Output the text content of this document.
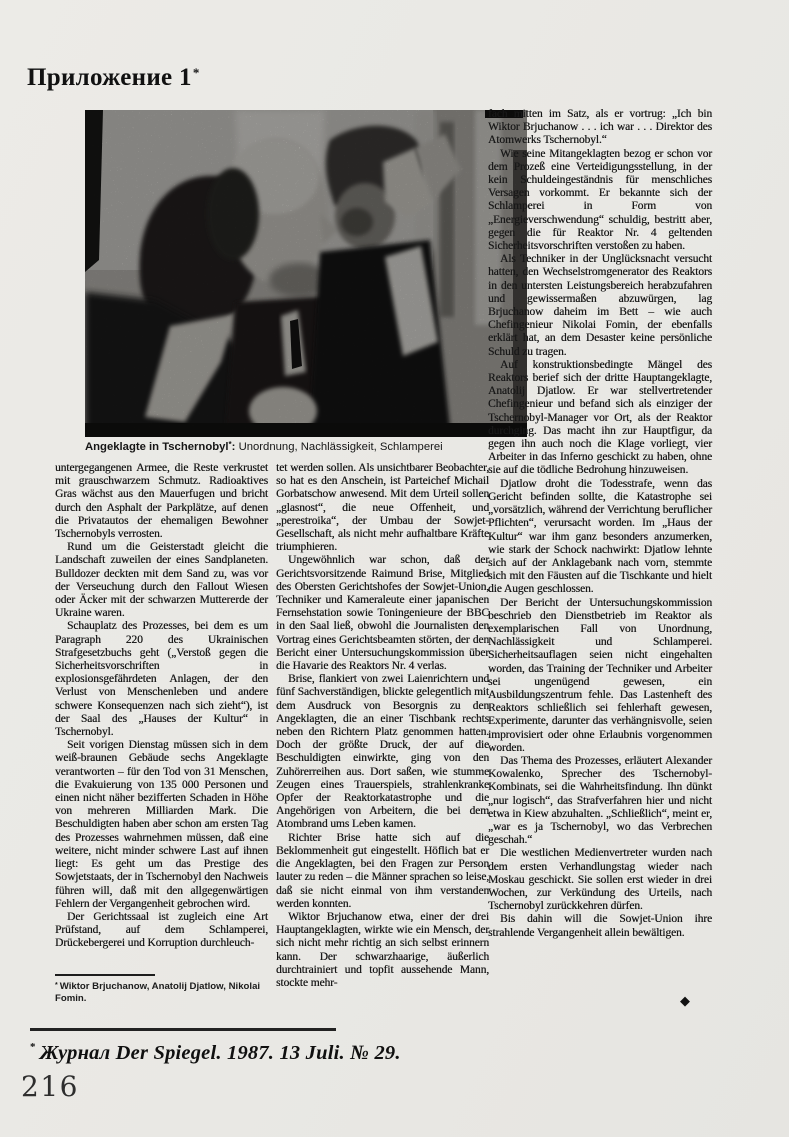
Приложение 1*
Angeklagte in Tschernobyl*: Unordnung, Nachlässigkeit, Schlamperei

untergegangenen Armee, die Reste verkrustet mit grauschwarzem Schmutz. Radioaktives Gras wächst aus den Mauerfugen und bricht durch den Asphalt der Parkplätze, auf denen die Privatautos der ehemaligen Bewohner Tschernobyls verrosten.

Rund um die Geisterstadt gleicht die Landschaft zuweilen der eines Sandplaneten. Bulldozer deckten mit dem Sand zu, was vor der Verseuchung durch den Fallout Wiesen oder Äcker mit der schwarzen Muttererde der Ukraine waren.

Schauplatz des Prozesses, bei dem es um Paragraph 220 des Ukrainischen Strafgesetzbuchs geht („Verstoß gegen die Sicherheitsvorschriften in explosionsgefährdeten Anlagen, der den Verlust von Menschenleben und andere schwere Konsequenzen nach sich zieht“), ist der Saal des „Hauses der Kultur“ in Tschernobyl.

Seit vorigen Dienstag müssen sich in dem weiß-braunen Gebäude sechs Angeklagte verantworten – für den Tod von 31 Menschen, die Evakuierung von 135 000 Personen und einen nicht näher bezifferten Schaden in Höhe von mehreren Milliarden Mark. Die Beschuldigten haben aber schon am ersten Tag des Prozesses wahrnehmen müssen, daß eine weitere, nicht minder schwere Last auf ihnen liegt: Es geht um das Prestige des Sowjetstaats, der in Tschernobyl den Nachweis führen will, daß mit den allgegenwärtigen Fehlern der Vergangenheit gebrochen wird.

Der Gerichtssaal ist zugleich eine Art Prüfstand, auf dem Schlamperei, Drückebergerei und Korruption durchleuch-

tet werden sollen. Als unsichtbarer Beobachter, so hat es den Anschein, ist Parteichef Michail Gorbatschow anwesend. Mit dem Urteil sollen „glasnost“, die neue Offenheit, und „perestroika“, der Umbau der Sowjet-Gesellschaft, als nicht mehr aufhaltbare Kräfte triumphieren.

Ungewöhnlich war schon, daß der Gerichtsvorsitzende Raimund Brise, Mitglied des Obersten Gerichtshofes der Sowjet-Union, Techniker und Kameraleute einer japanischen Fernsehstation sowie Toningenieure der BBC in den Saal ließ, obwohl die Journalisten den Vortrag eines Gerichtsbeamten störten, der den Bericht einer Untersuchungskommission über die Havarie des Reaktors Nr. 4 verlas.

Brise, flankiert von zwei Laienrichtern und fünf Sachverständigen, blickte gelegentlich mit dem Ausdruck von Besorgnis zu den Angeklagten, die an einer Tischbank rechts neben den Richtern Platz genommen hatten. Doch der größte Druck, der auf die Beschuldigten einwirkte, ging von den Zuhörerreihen aus. Dort saßen, wie stumme Zeugen eines Trauerspiels, strahlenkranke Opfer der Reaktorkatastrophe und die Angehörigen von Arbeitern, die bei dem Atombrand ums Leben kamen.

Richter Brise hatte sich auf die Beklommenheit gut eingestellt. Höflich bat er die Angeklagten, bei den Fragen zur Person lauter zu reden – die Männer sprachen so leise, daß sie nicht einmal von ihm verstanden werden konnten.

Wiktor Brjuchanow etwa, einer der drei Hauptangeklagten, wirkte wie ein Mensch, der sich nicht mehr richtig an sich selbst erinnern kann. Der schwarzhaarige, äußerlich durchtrainiert und topfit aussehende Mann, stockte mehr-

fach mitten im Satz, als er vortrug: „Ich bin Wiktor Brjuchanow . . . ich war . . . Direktor des Atomwerks Tschernobyl.“

Wie seine Mitangeklagten bezog er schon vor dem Prozeß eine Verteidigungsstellung, in der kein Schuldeingeständnis für menschliches Versagen vorkommt. Er bekannte sich der Schlamperei in Form von „Energieverschwendung“ schuldig, bestritt aber, gegen die für Reaktor Nr. 4 geltenden Sicherheitsvorschriften verstoßen zu haben.

Als Techniker in der Unglücksnacht versucht hatten, den Wechselstromgenerator des Reaktors in den untersten Leistungsbereich herabzufahren und gewissermaßen abzuwürgen, lag Brjuchanow daheim im Bett – wie auch Chefingenieur Nikolai Fomin, der ebenfalls erklärt hat, an dem Desaster keine persönliche Schuld zu tragen.

Auf konstruktionsbedingte Mängel des Reaktors berief sich der dritte Hauptangeklagte, Anatolij Djatlow. Er war stellvertretender Chefingenieur und befand sich als einziger der Tschernobyl-Manager vor Ort, als der Reaktor durchging. Das macht ihn zur Hauptfigur, da gegen ihn auch noch die Klage vorliegt, vier Arbeiter in das Inferno geschickt zu haben, ohne sie auf die tödliche Bedrohung hinzuweisen.

Djatlow droht die Todesstrafe, wenn das Gericht befinden sollte, die Katastrophe sei „vorsätzlich, während der Verrichtung beruflicher Pflichten“, verursacht worden. Im „Haus der Kultur“ war ihm ganz besonders anzumerken, wie stark der Schock nachwirkt: Djatlow lehnte sich auf der Anklagebank nach vorn, stemmte sich mit den Fäusten auf die Tischkante und hielt die Augen geschlossen.

Der Bericht der Untersuchungskommission beschrieb den Dienstbetrieb im Reaktor als exemplarischen Fall von Unordnung, Nachlässigkeit und Schlamperei. Sicherheitsauflagen seien nicht eingehalten worden, das Training der Techniker und Arbeiter sei ungenügend gewesen, ein Ausbildungszentrum fehle. Das Lastenheft des Reaktors schließlich sei fehlerhaft gewesen, Experimente, darunter das verhängnisvolle, seien improvisiert oder ohne Erlaubnis vorgenommen worden.

Das Thema des Prozesses, erläutert Alexander Kowalenko, Sprecher des Tschernobyl-Kombinats, sei die Wahrheitsfindung. Ihn dünkt „nur logisch“, das Strafverfahren hier und nicht etwa in Kiew abzuhalten. „Schließlich“, meint er, „war es ja Tschernobyl, wo das Verbrechen geschah.“

Die westlichen Medienvertreter wurden nach dem ersten Verhandlungstag wieder nach Moskau geschickt. Sie sollen erst wieder in drei Wochen, zur Verkündung des Urteils, nach Tschernobyl zurückkehren dürfen.

Bis dahin will die Sowjet-Union ihre strahlende Vergangenheit allein bewältigen.

◆
* Wiktor Brjuchanow, Anatolij Djatlow, Nikolai Fomin.
* Журнал Der Spiegel. 1987. 13 Juli. № 29.
216
